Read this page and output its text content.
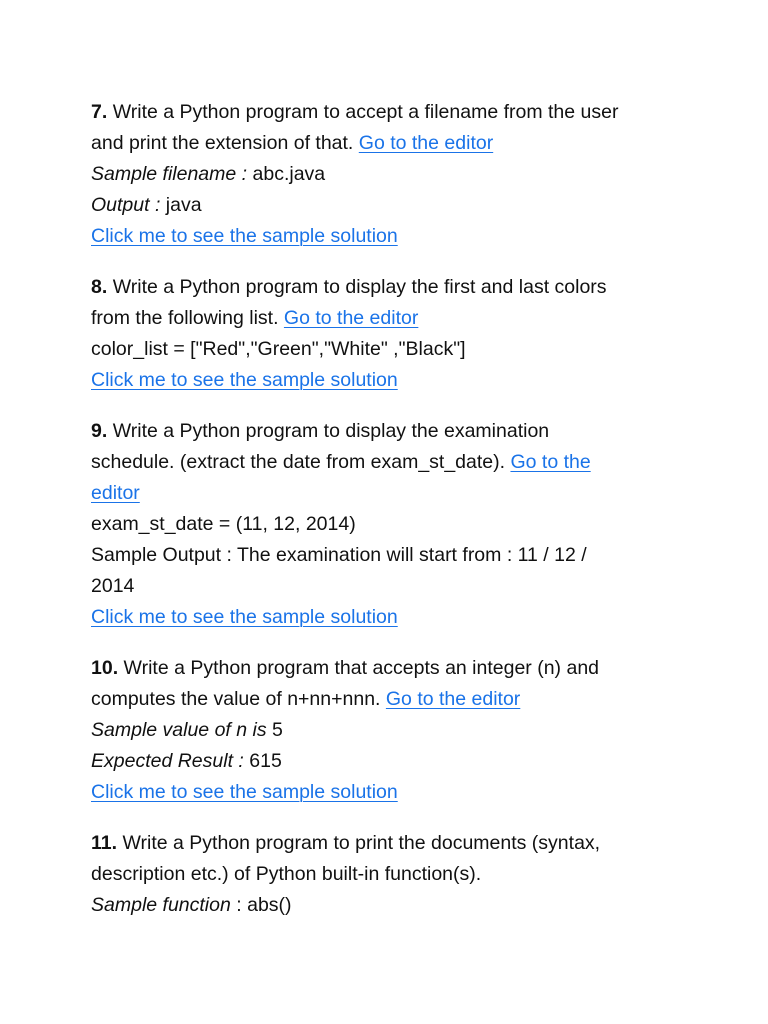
7. Write a Python program to accept a filename from the user
and print the extension of that. Go to the editor
Sample filename : abc.java
Output : java
Click me to see the sample solution
8. Write a Python program to display the first and last colors
from the following list. Go to the editor
color_list = ["Red","Green","White" ,"Black"]
Click me to see the sample solution
9. Write a Python program to display the examination
schedule. (extract the date from exam_st_date). Go to the
editor
exam_st_date = (11, 12, 2014)
Sample Output : The examination will start from : 11 / 12 /
2014
Click me to see the sample solution
10. Write a Python program that accepts an integer (n) and
computes the value of n+nn+nnn. Go to the editor
Sample value of n is 5
Expected Result : 615
Click me to see the sample solution
11. Write a Python program to print the documents (syntax,
description etc.) of Python built-in function(s).
Sample function : abs()
